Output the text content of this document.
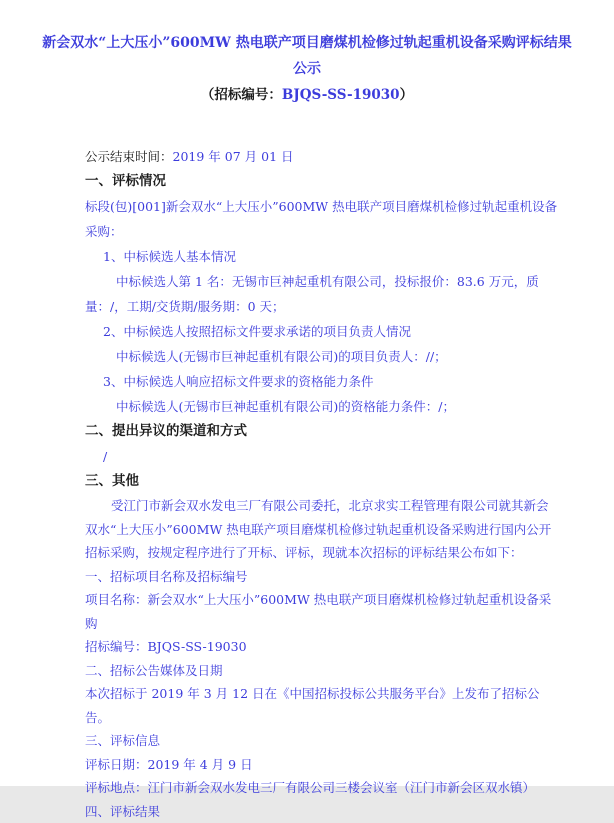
新会双水“上大压小”600MW 热电联产项目磨煤机检修过轨起重机设备采购评标结果公示
（招标编号：BJQS-SS-19030）
公示结束时间：2019 年 07 月 01 日
一、评标情况
标段(包)[001]新会双水“上大压小”600MW 热电联产项目磨煤机检修过轨起重机设备采购：
1、中标候选人基本情况

中标候选人第 1 名：无锡市巨神起重机有限公司，投标报价：83.6 万元，质量：/，工期/交货期/服务期：0 天；

2、中标候选人按照招标文件要求承诺的项目负责人情况

中标候选人(无锡市巨神起重机有限公司)的项目负责人：//；

3、中标候选人响应招标文件要求的资格能力条件

中标候选人(无锡市巨神起重机有限公司)的资格能力条件：/；

二、提出异议的渠道和方式
/
三、其他

受江门市新会双水发电三厂有限公司委托，北京求实工程管理有限公司就其新会双水“上大压小”600MW 热电联产项目磨煤机检修过轨起重机设备采购进行国内公开招标采购，按规定程序进行了开标、评标，现就本次招标的评标结果公布如下：

一、招标项目名称及招标编号
项目名称：新会双水“上大压小”600MW 热电联产项目磨煤机检修过轨起重机设备采购
招标编号：BJQS-SS-19030
二、招标公告媒体及日期
本次招标于 2019 年 3 月 12 日在《中国招标投标公共服务平台》上发布了招标公告。
三、评标信息
评标日期：2019 年 4 月 9 日
评标地点：江门市新会双水发电三厂有限公司三楼会议室（江门市新会区双水镇）
四、评标结果
